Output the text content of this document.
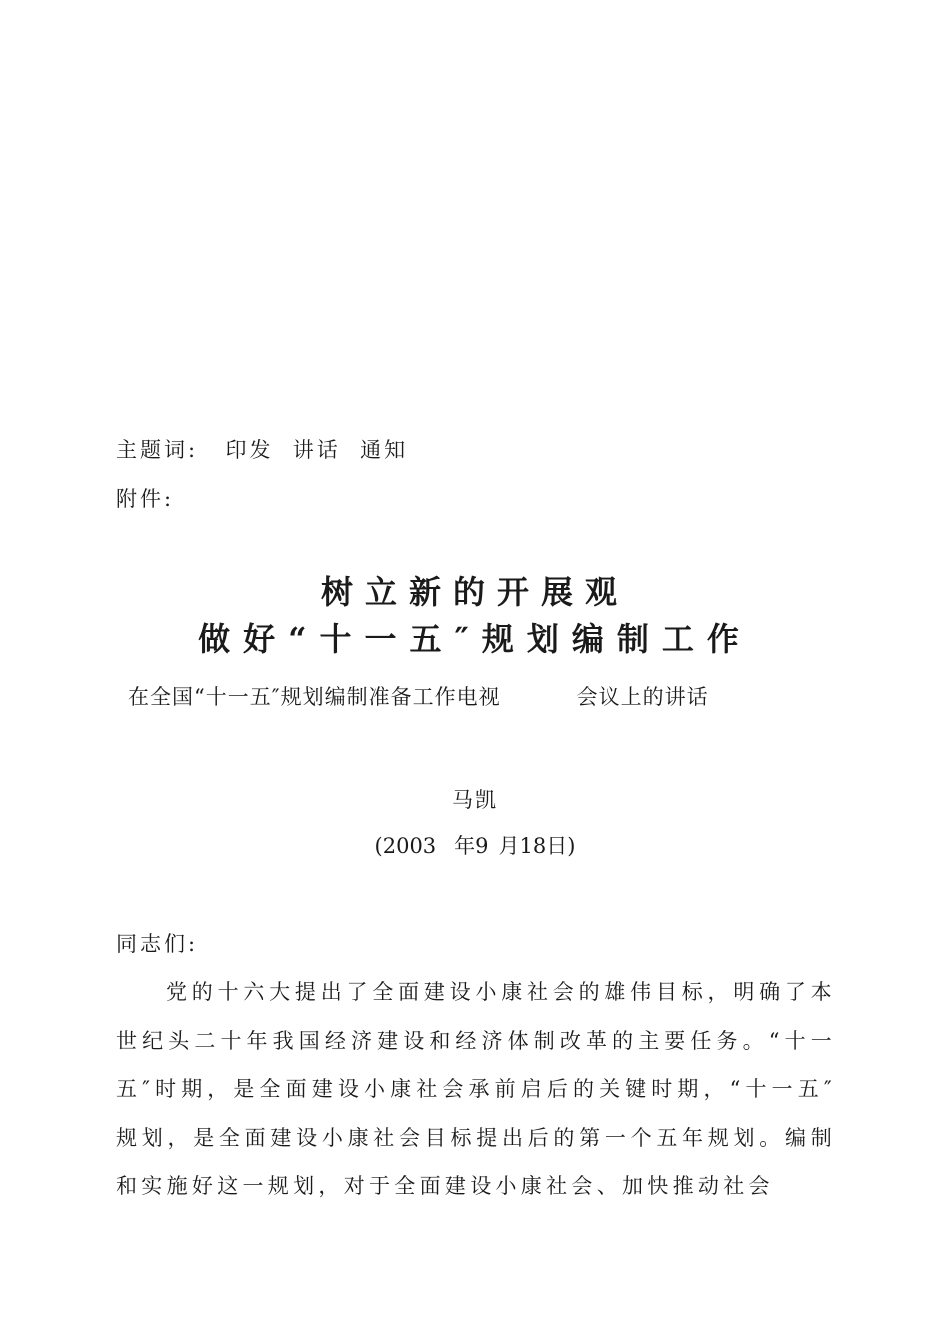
主题词: 印发  讲话  通知
附件:
树立新的开展观
做好“十一五″规划编制工作
在全国“十一五″规划编制准备工作电视	会议上的讲话
马凯
(2003 年9 月18日)
同志们:
党的十六大提出了全面建设小康社会的雄伟目标，明确了本世纪头二十年我国经济建设和经济体制改革的主要任务。“十一五″时期，是全面建设小康社会承前启后的关键时期，“十一五″规划，是全面建设小康社会目标提出后的第一个五年规划。编制和实施好这一规划，对于全面建设小康社会、加快推动社会
